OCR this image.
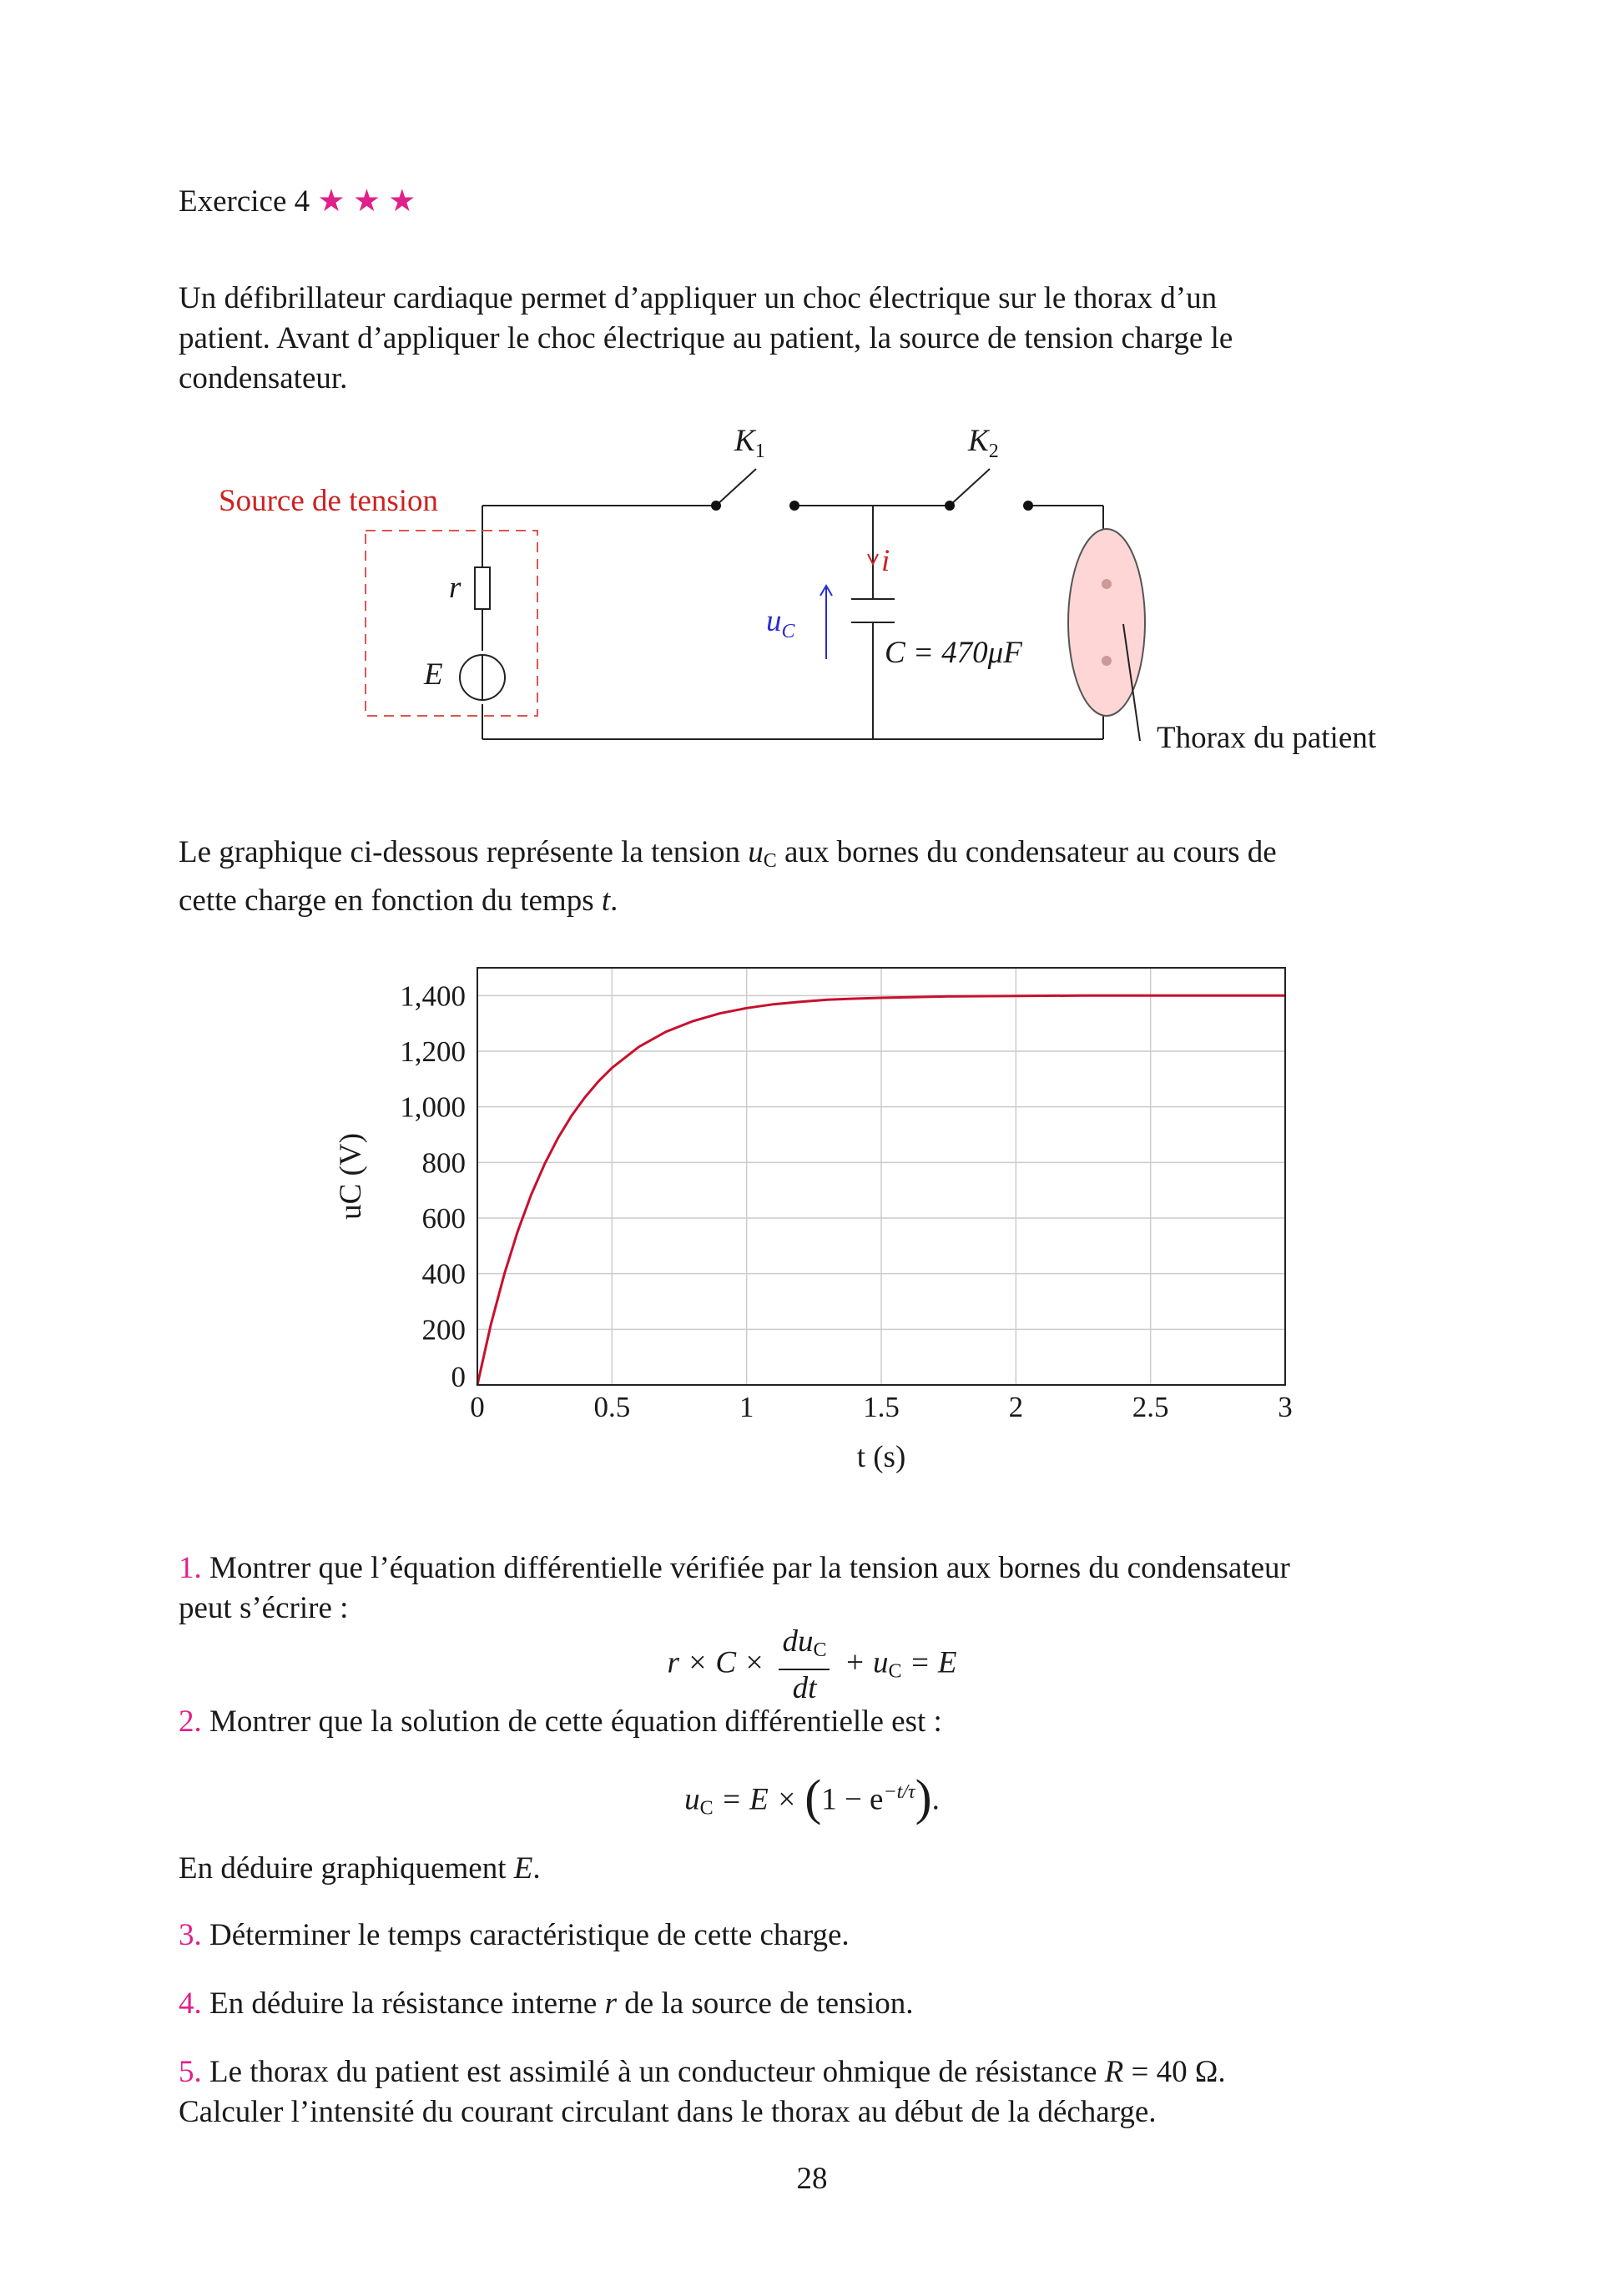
Exercice 4 ★ ★ ★
Un défibrillateur cardiaque permet d’appliquer un choc électrique sur le thorax d’un
patient. Avant d’appliquer le choc électrique au patient, la source de tension charge le
condensateur.
Source de tension
r
E
$K_1$	$K_2$
$u_C$
i
C = 470μF
Thorax du patient
Le graphique ci-dessous représente la tension $u_C$ aux bornes du condensateur au cours de
cette charge en fonction du temps t.
0	0.5	1	1.5	2	2.5	3
0
200
400
600
800
1,000
1,200
1,400
t (s)
uC (V)
1. Montrer que l’équation différentielle vérifiée par la tension aux bornes du condensateur
peut s’écrire :
$r \times C \times \frac{du_C}{dt} + u_C = E$
2. Montrer que la solution de cette équation différentielle est :
$u_C = E \times (1 - e^{-t/\tau})$.
En déduire graphiquement E.
3. Déterminer le temps caractéristique de cette charge.
4. En déduire la résistance interne r de la source de tension.
5. Le thorax du patient est assimilé à un conducteur ohmique de résistance R = 40 Ω.
Calculer l’intensité du courant circulant dans le thorax au début de la décharge.
28
